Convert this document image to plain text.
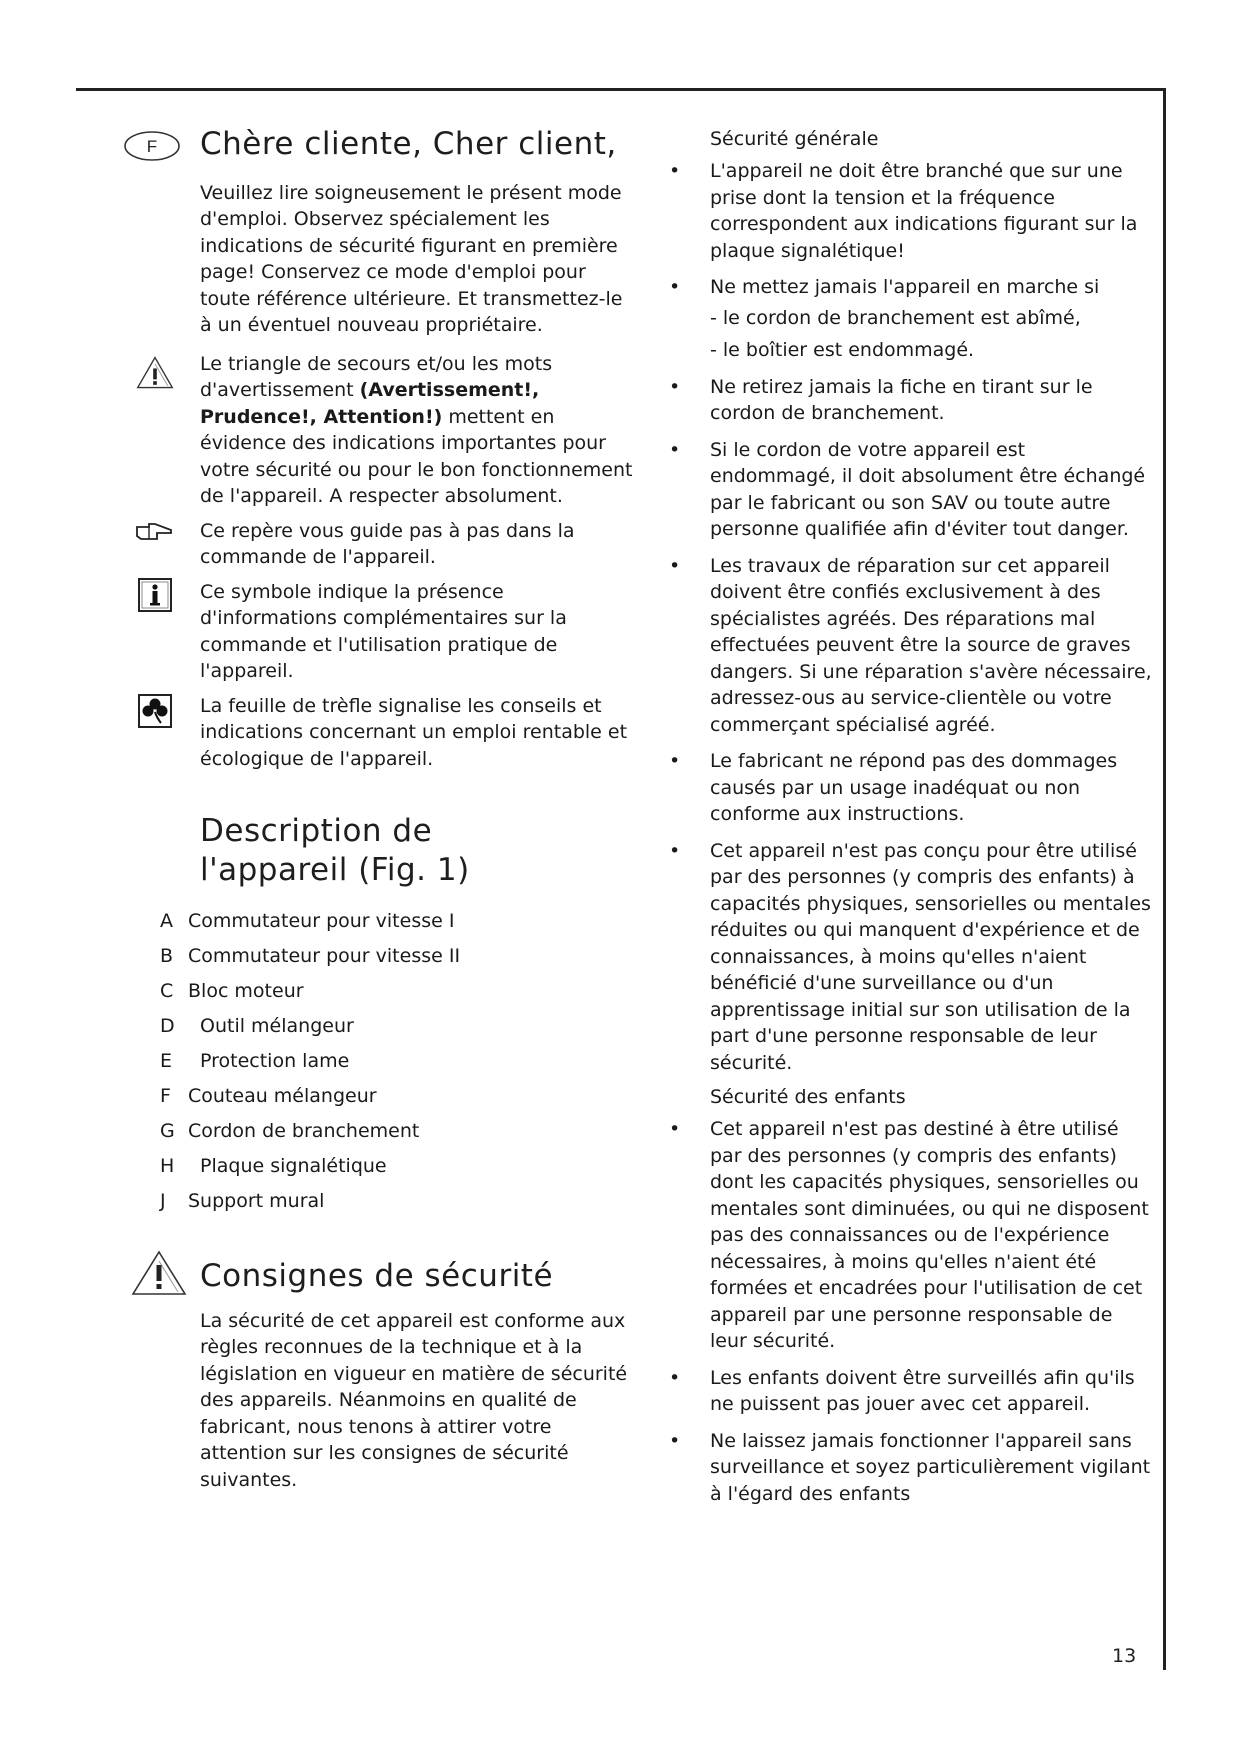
F Chère cliente, Cher client,

Veuillez lire soigneusement le présent mode d'emploi. Observez spécialement les indications de sécurité figurant en première page! Conservez ce mode d'emploi pour toute référence ultérieure. Et transmettez-le à un éventuel nouveau propriétaire.

Le triangle de secours et/ou les mots d'avertissement (Avertissement!, Prudence!, Attention!) mettent en évidence des indications importantes pour votre sécurité ou pour le bon fonctionnement de l'appareil. A respecter absolument.

Ce repère vous guide pas à pas dans la commande de l'appareil.

Ce symbole indique la présence d'informations complémentaires sur la commande et l'utilisation pratique de l'appareil.

La feuille de trèfle signalise les conseils et indications concernant un emploi rentable et écologique de l'appareil.

Description de l'appareil (Fig. 1)
A Commutateur pour vitesse I
B Commutateur pour vitesse II
C Bloc moteur
D Outil mélangeur
E Protection lame
F Couteau mélangeur
G Cordon de branchement
H Plaque signalétique
J Support mural
Consignes de sécurité

La sécurité de cet appareil est conforme aux règles reconnues de la technique et à la législation en vigueur en matière de sécurité des appareils. Néanmoins en qualité de fabricant, nous tenons à attirer votre attention sur les consignes de sécurité suivantes.

Sécurité générale

• L'appareil ne doit être branché que sur une prise dont la tension et la fréquence correspondent aux indications figurant sur la plaque signalétique!
• Ne mettez jamais l'appareil en marche si

- le cordon de branchement est abîmé,

- le boîtier est endommagé.

• Ne retirez jamais la fiche en tirant sur le cordon de branchement.
• Si le cordon de votre appareil est endommagé, il doit absolument être échangé par le fabricant ou son SAV ou toute autre personne qualifiée afin d'éviter tout danger.
• Les travaux de réparation sur cet appareil doivent être confiés exclusivement à des spécialistes agréés. Des réparations mal effectuées peuvent être la source de graves dangers. Si une réparation s'avère nécessaire, adressez-ous au service-clientèle ou votre commerçant spécialisé agréé.
• Le fabricant ne répond pas des dommages causés par un usage inadéquat ou non conforme aux instructions.
• Cet appareil n'est pas conçu pour être utilisé par des personnes (y compris des enfants) à capacités physiques, sensorielles ou mentales réduites ou qui manquent d'expérience et de connaissances, à moins qu'elles n'aient bénéficié d'une surveillance ou d'un apprentissage initial sur son utilisation de la part d'une personne responsable de leur sécurité.

Sécurité des enfants

• Cet appareil n'est pas destiné à être utilisé par des personnes (y compris des enfants) dont les capacités physiques, sensorielles ou mentales sont diminuées, ou qui ne disposent pas des connaissances ou de l'expérience nécessaires, à moins qu'elles n'aient été formées et encadrées pour l'utilisation de cet appareil par une personne responsable de leur sécurité.
• Les enfants doivent être surveillés afin qu'ils ne puissent pas jouer avec cet appareil.
• Ne laissez jamais fonctionner l'appareil sans surveillance et soyez particulièrement vigilant à l'égard des enfants
13
